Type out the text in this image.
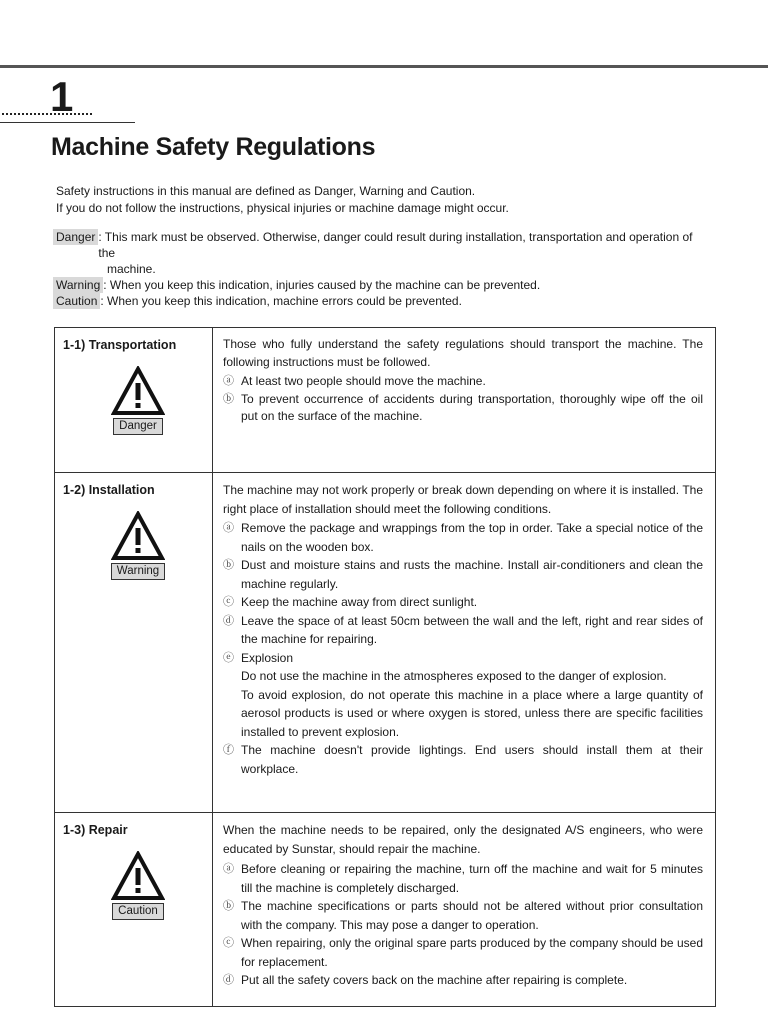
1
Machine Safety Regulations

Safety instructions in this manual are defined as Danger, Warning and Caution.

If you do not follow the instructions, physical injuries or machine damage might occur.

Danger : This mark must be observed. Otherwise, danger could result during installation, transportation and operation of the
machine.
Warning : When you keep this indication, injuries caused by the machine can be prevented.
Caution : When you keep this indication, machine errors could be prevented.
1-1) Transportation
Danger

Those who fully understand the safety regulations should transport the machine. The following instructions must be followed.

ⓐ At least two people should move the machine.

ⓑ To prevent occurrence of accidents during transportation, thoroughly wipe off the oil put on the surface of the machine.

1-2) Installation
Warning

The machine may not work properly or break down depending on where it is installed. The right place of installation should meet the following conditions.

ⓐ Remove the package and wrappings from the top in order. Take a special notice of the nails on the wooden box.

ⓑ Dust and moisture stains and rusts the machine. Install air-conditioners and clean the machine regularly.

ⓒ Keep the machine away from direct sunlight.

ⓓ Leave the space of at least 50cm between the wall and the left, right and rear sides of the machine for repairing.

ⓔ Explosion

Do not use the machine in the atmospheres exposed to the danger of explosion.

To avoid explosion, do not operate this machine in a place where a large quantity of aerosol products is used or where oxygen is stored, unless there are specific facilities installed to prevent explosion.

ⓕ The machine doesn't provide lightings. End users should install them at their workplace.

1-3) Repair
Caution

When the machine needs to be repaired, only the designated A/S engineers, who were educated by Sunstar, should repair the machine.

ⓐ Before cleaning or repairing the machine, turn off the machine and wait for 5 minutes till the machine is completely discharged.

ⓑ The machine specifications or parts should not be altered without prior consultation with the company. This may pose a danger to operation.

ⓒ When repairing, only the original spare parts produced by the company should be used for replacement.

ⓓ Put all the safety covers back on the machine after repairing is complete.
